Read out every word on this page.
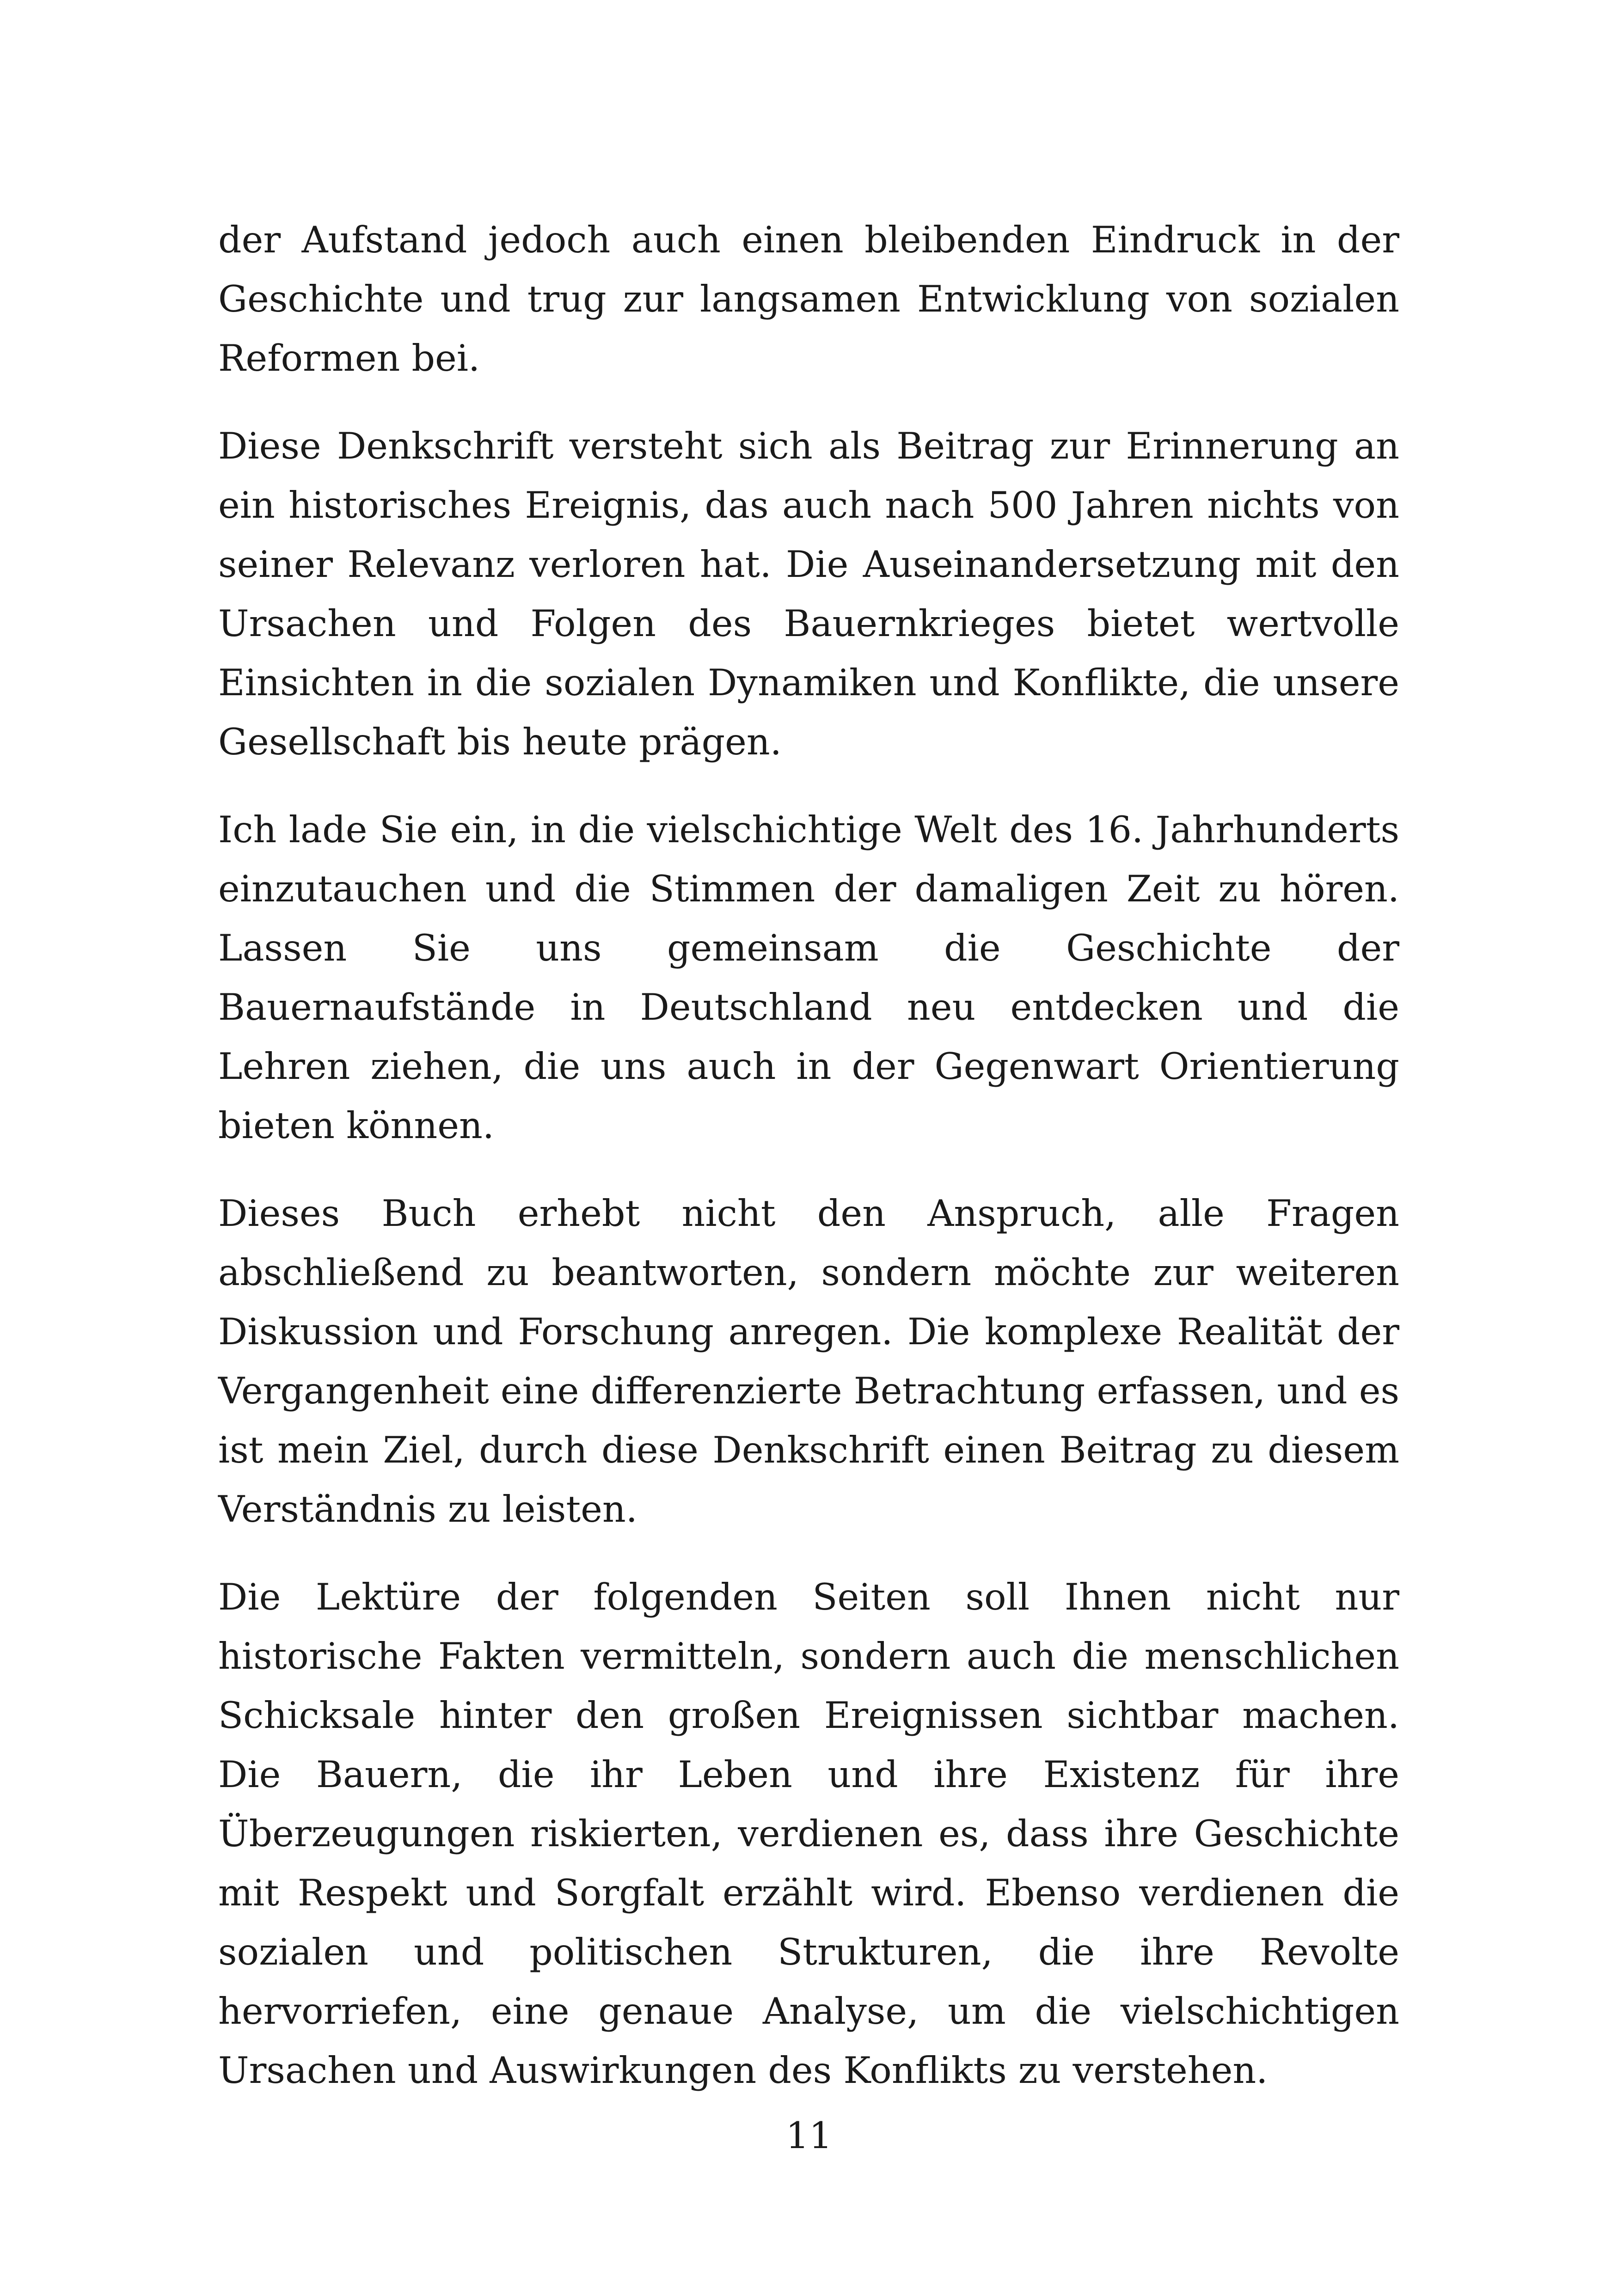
der Aufstand jedoch auch einen bleibenden Eindruck in der Geschichte und trug zur langsamen Entwicklung von sozialen Reformen bei.

Diese Denkschrift versteht sich als Beitrag zur Erinnerung an ein historisches Ereignis, das auch nach 500 Jahren nichts von seiner Relevanz verloren hat. Die Auseinandersetzung mit den Ursachen und Folgen des Bauernkrieges bietet wertvolle Einsichten in die sozialen Dynamiken und Konflikte, die unsere Gesellschaft bis heute prägen.

Ich lade Sie ein, in die vielschichtige Welt des 16. Jahrhunderts einzutauchen und die Stimmen der damaligen Zeit zu hören. Lassen Sie uns gemeinsam die Geschichte der Bauernaufstände in Deutschland neu entdecken und die Lehren ziehen, die uns auch in der Gegenwart Orientierung bieten können.

Dieses Buch erhebt nicht den Anspruch, alle Fragen abschließend zu beantworten, sondern möchte zur weiteren Diskussion und Forschung anregen. Die komplexe Realität der Vergangenheit eine differenzierte Betrachtung erfassen, und es ist mein Ziel, durch diese Denkschrift einen Beitrag zu diesem Verständnis zu leisten.

Die Lektüre der folgenden Seiten soll Ihnen nicht nur historische Fakten vermitteln, sondern auch die menschlichen Schicksale hinter den großen Ereignissen sichtbar machen. Die Bauern, die ihr Leben und ihre Existenz für ihre Überzeugungen riskierten, verdienen es, dass ihre Geschichte mit Respekt und Sorgfalt erzählt wird. Ebenso verdienen die sozialen und politischen Strukturen, die ihre Revolte hervorriefen, eine genaue Analyse, um die vielschichtigen Ursachen und Auswirkungen des Konflikts zu verstehen.

11
